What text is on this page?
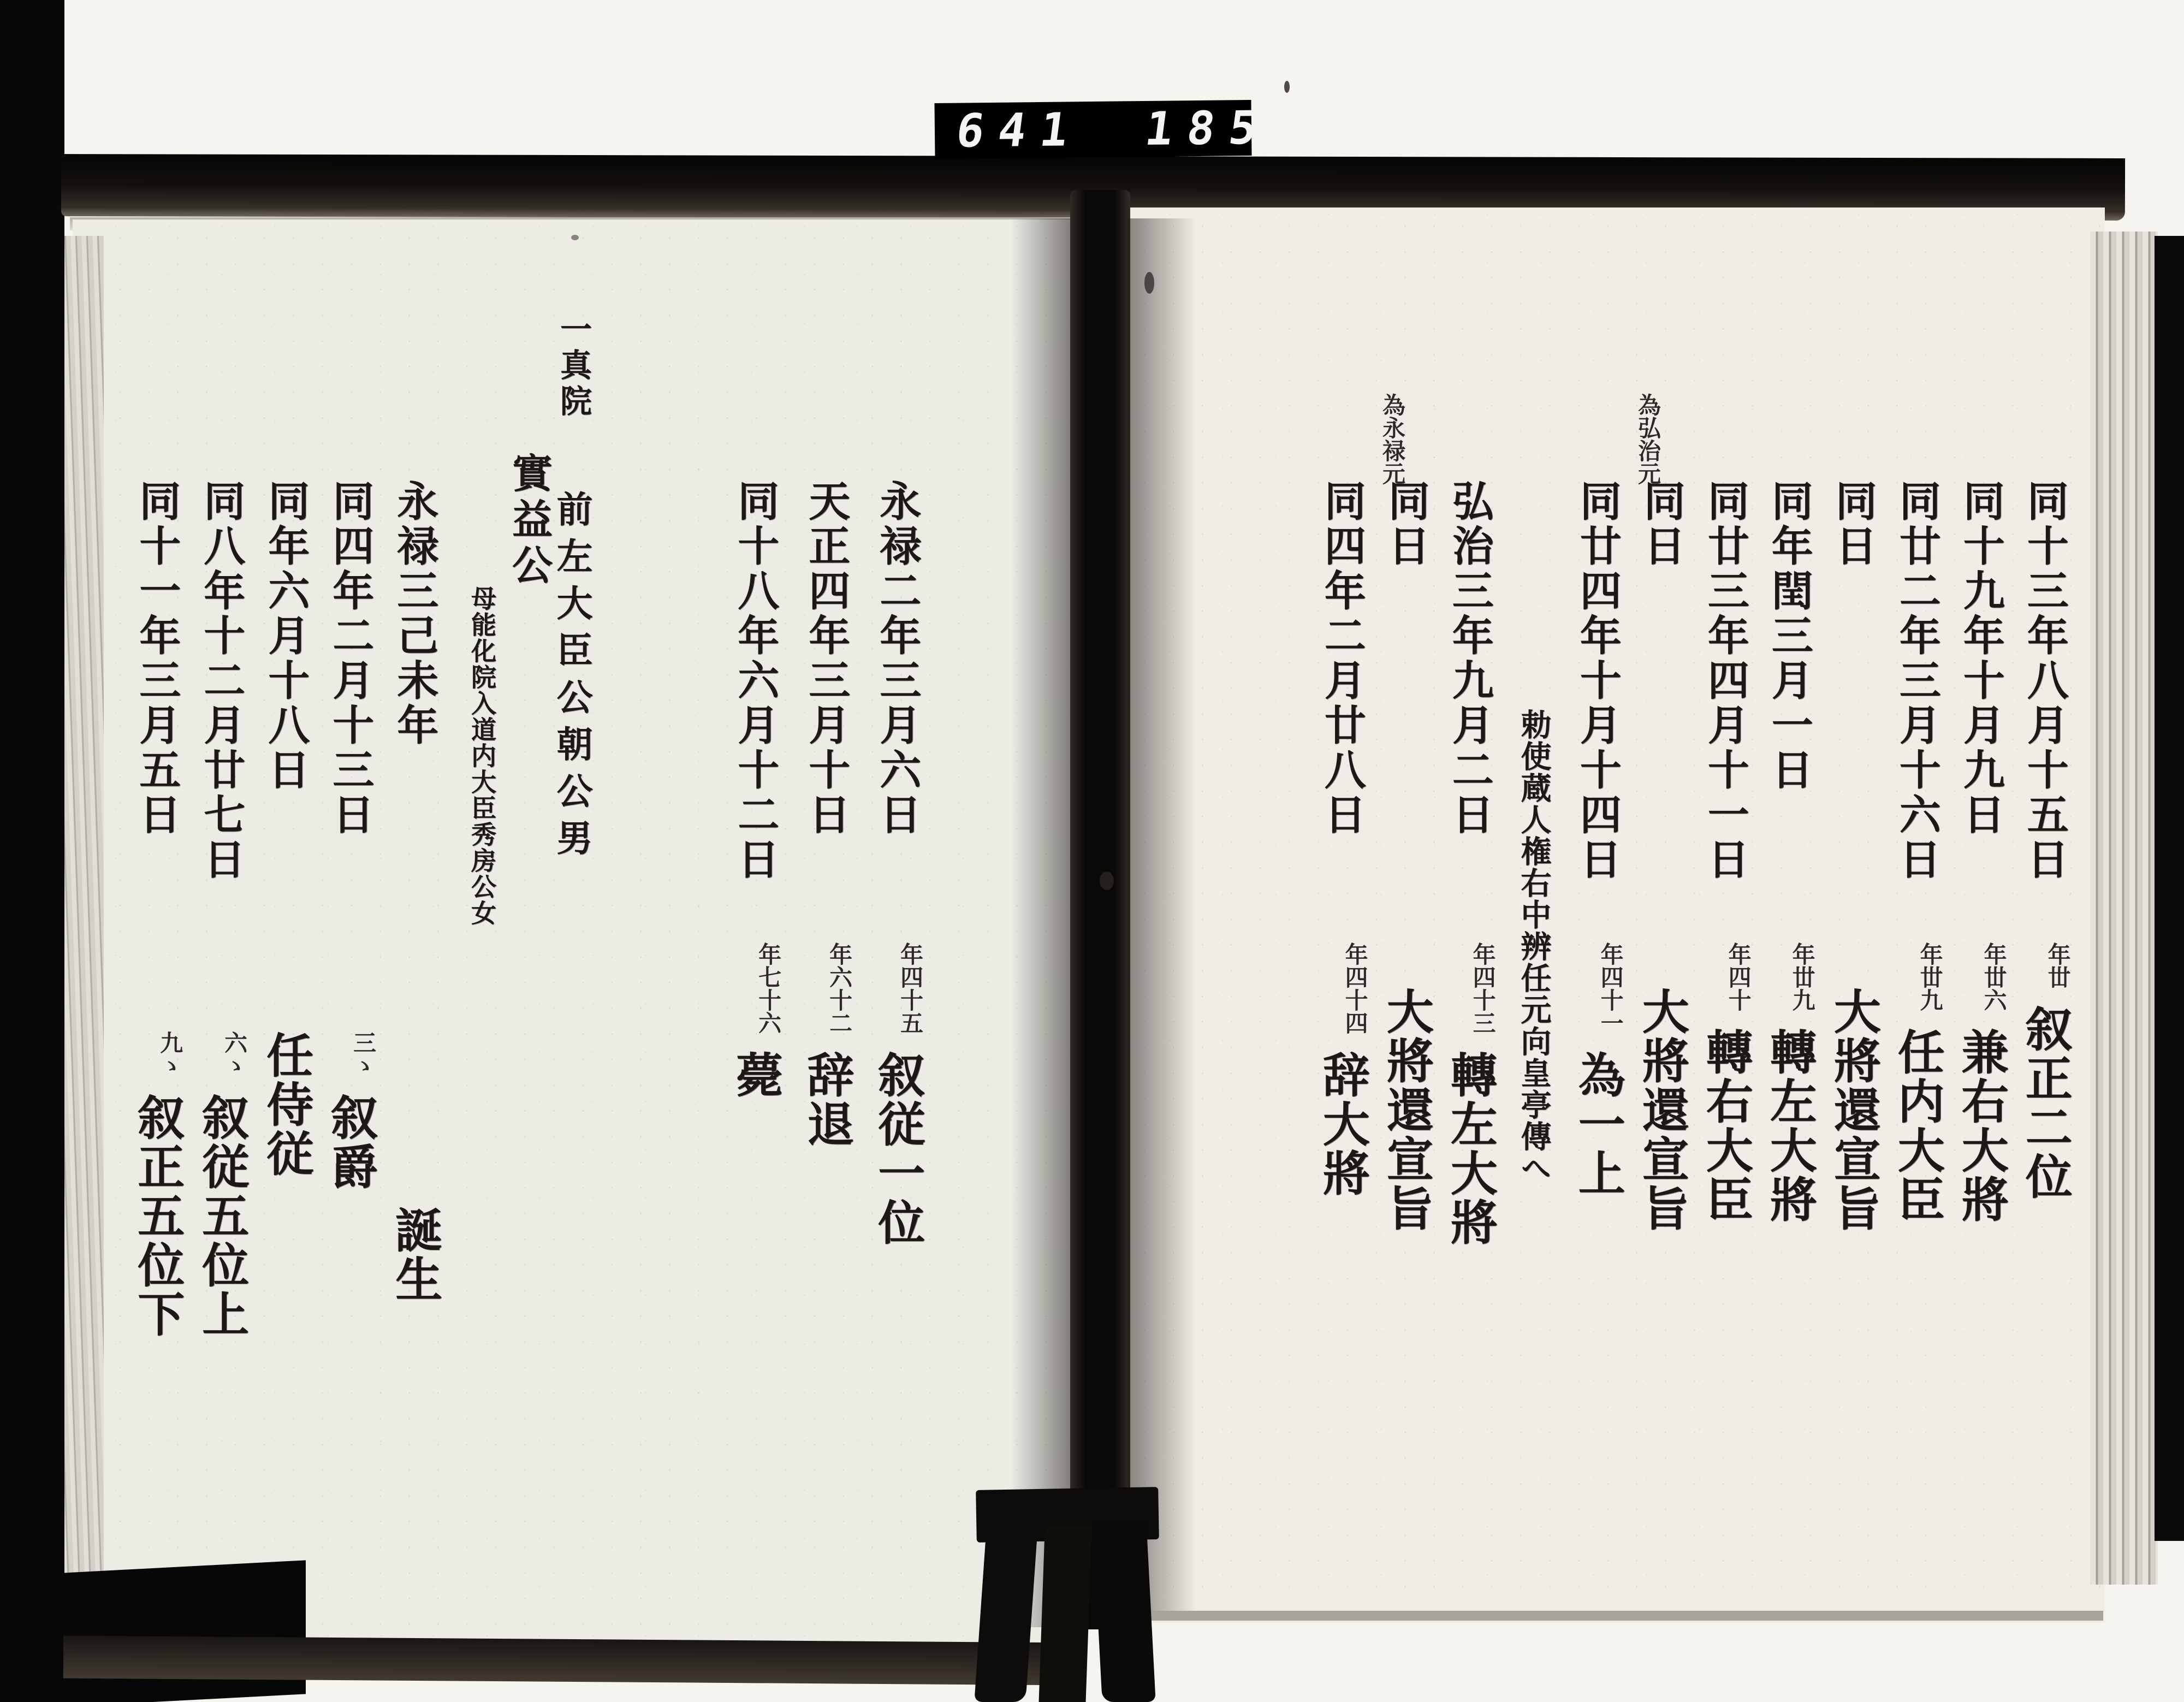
641 185
同十三年八月十五日
年丗叙正二位
同十九年十月九日
年丗六兼右大將
同廿二年三月十六日
年丗九任内大臣
同日
大將還宣旨
同年閏三月一日
年丗九轉左大將
同廿三年四月十一日
年四十轉右大臣
同日
大將還宣旨
為弘治元
同廿四年十月十四日
年四十一為一上
勅使蔵人権右中辨任元向皇亭傳へ
弘治三年九月二日
年四十三轉左大將
同日
大將還宣旨
為永禄元
同四年二月廿八日
年四十四辞大將
永禄二年三月六日
年四十五叙従一位
天正四年三月十日
年六十二辞退
同十八年六月十二日
年七十六薨
一真院
實益公
前左大臣公朝公男
母能化院入道内大臣秀房公女
永禄三己未年
誕生
同四年二月十三日
三ゝ叙爵
同年六月十八日
任侍従
同八年十二月廿七日
六ゝ叙従五位上
同十一年三月五日
九ゝ叙正五位下
